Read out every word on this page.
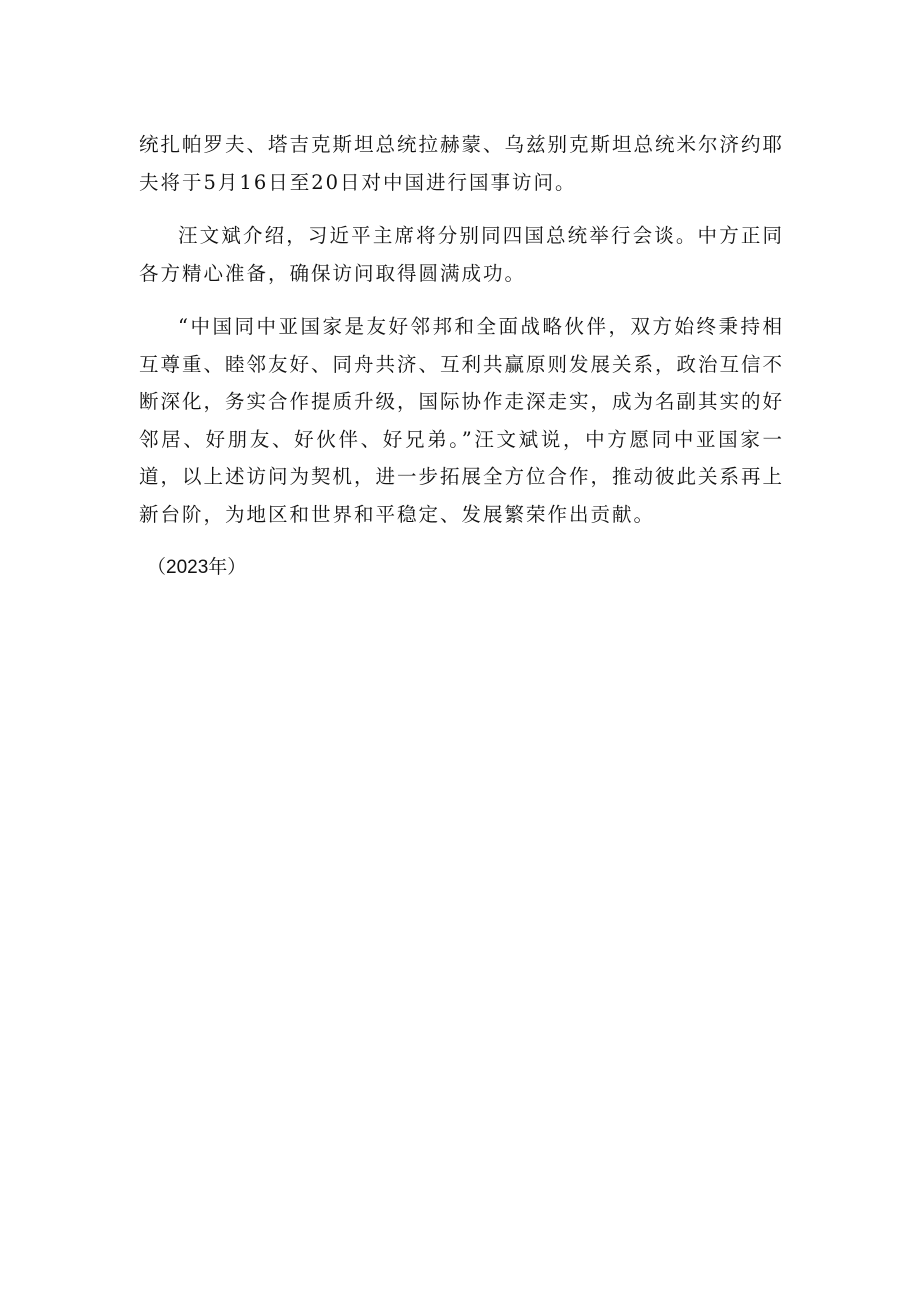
统扎帕罗夫、塔吉克斯坦总统拉赫蒙、乌兹别克斯坦总统米尔济约耶夫将于5月16日至20日对中国进行国事访问。

汪文斌介绍，习近平主席将分别同四国总统举行会谈。中方正同各方精心准备，确保访问取得圆满成功。

“中国同中亚国家是友好邻邦和全面战略伙伴，双方始终秉持相互尊重、睦邻友好、同舟共济、互利共赢原则发展关系，政治互信不断深化，务实合作提质升级，国际协作走深走实，成为名副其实的好邻居、好朋友、好伙伴、好兄弟。”汪文斌说，中方愿同中亚国家一道，以上述访问为契机，进一步拓展全方位合作，推动彼此关系再上新台阶，为地区和世界和平稳定、发展繁荣作出贡献。

（2023年）
